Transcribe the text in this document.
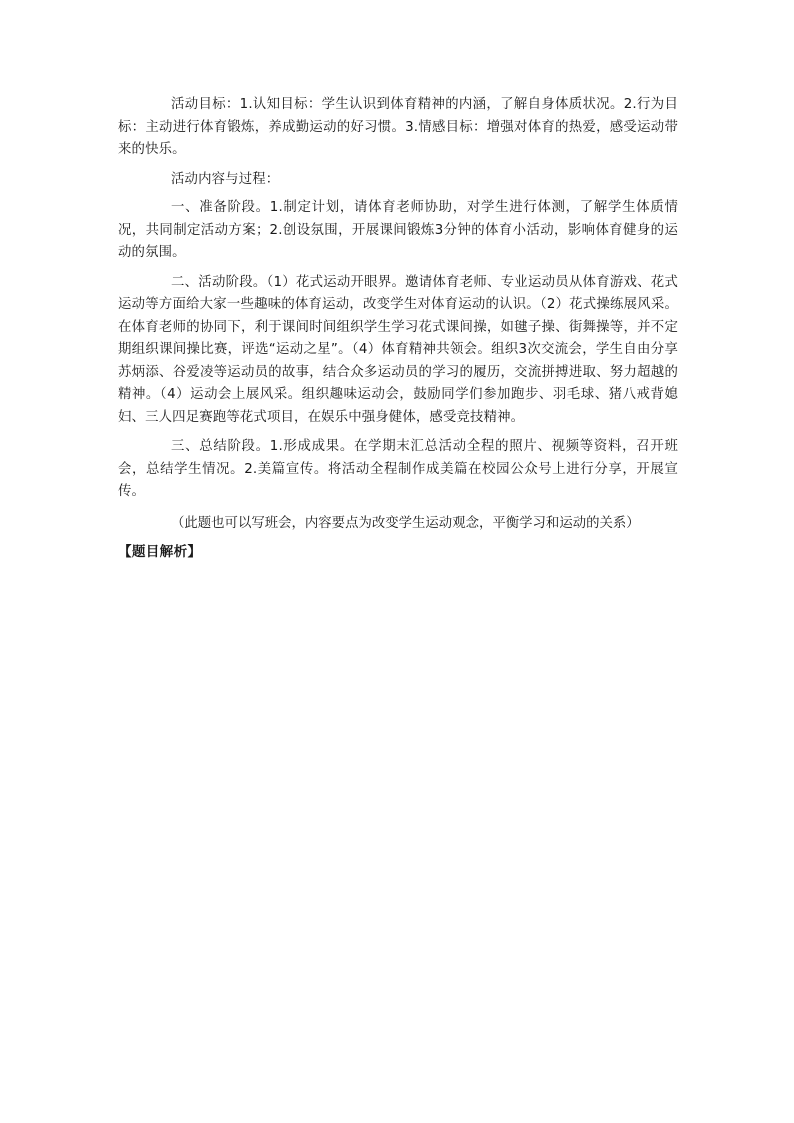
活动目标：1.认知目标：学生认识到体育精神的内涵，了解自身体质状况。2.行为目标：主动进行体育锻炼，养成勤运动的好习惯。3.情感目标：增强对体育的热爱，感受运动带来的快乐。

活动内容与过程：

一、准备阶段。1.制定计划，请体育老师协助，对学生进行体测，了解学生体质情况，共同制定活动方案；2.创设氛围，开展课间锻炼3分钟的体育小活动，影响体育健身的运动的氛围。

二、活动阶段。（1）花式运动开眼界。邀请体育老师、专业运动员从体育游戏、花式运动等方面给大家一些趣味的体育运动，改变学生对体育运动的认识。（2）花式操练展风采。在体育老师的协同下，利于课间时间组织学生学习花式课间操，如毽子操、街舞操等，并不定期组织课间操比赛，评选“运动之星”。（4）体育精神共领会。组织3次交流会，学生自由分享苏炳添、谷爱凌等运动员的故事，结合众多运动员的学习的履历，交流拼搏进取、努力超越的精神。（4）运动会上展风采。组织趣味运动会，鼓励同学们参加跑步、羽毛球、猪八戒背媳妇、三人四足赛跑等花式项目，在娱乐中强身健体，感受竞技精神。

三、总结阶段。1.形成成果。在学期末汇总活动全程的照片、视频等资料，召开班会，总结学生情况。2.美篇宣传。将活动全程制作成美篇在校园公众号上进行分享，开展宣传。

（此题也可以写班会，内容要点为改变学生运动观念，平衡学习和运动的关系）

【题目解析】
